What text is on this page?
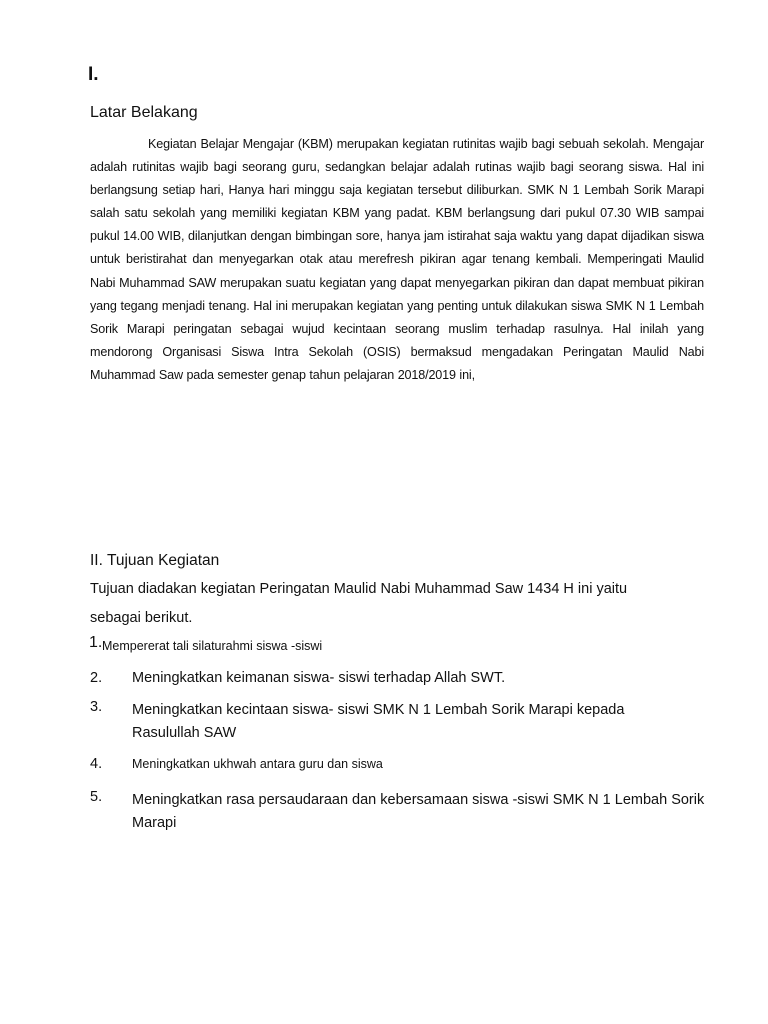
I.
Latar Belakang

Kegiatan Belajar Mengajar (KBM) merupakan kegiatan rutinitas wajib bagi sebuah sekolah. Mengajar adalah rutinitas wajib bagi seorang guru, sedangkan belajar adalah rutinas wajib bagi seorang siswa. Hal ini berlangsung setiap hari, Hanya hari minggu saja kegiatan tersebut diliburkan. SMK N 1 Lembah Sorik Marapi salah satu sekolah yang memiliki kegiatan KBM yang padat. KBM berlangsung dari pukul 07.30 WIB sampai pukul 14.00 WIB, dilanjutkan dengan bimbingan sore, hanya jam istirahat saja waktu yang dapat dijadikan siswa untuk beristirahat dan menyegarkan otak atau merefresh pikiran agar tenang kembali. Memperingati Maulid Nabi Muhammad SAW merupakan suatu kegiatan yang dapat menyegarkan pikiran dan dapat membuat pikiran yang tegang menjadi tenang. Hal ini merupakan kegiatan yang penting untuk dilakukan siswa SMK N 1 Lembah Sorik Marapi peringatan sebagai wujud kecintaan seorang muslim terhadap rasulnya. Hal inilah yang mendorong Organisasi Siswa Intra Sekolah (OSIS) bermaksud mengadakan Peringatan Maulid Nabi Muhammad Saw pada semester genap tahun pelajaran 2018/2019 ini,

II. Tujuan Kegiatan
Tujuan diadakan kegiatan Peringatan Maulid Nabi Muhammad Saw 1434 H ini yaitu
sebagai berikut.
1. Mempererat tali silaturahmi siswa -siswi
2. Meningkatkan keimanan siswa- siswi terhadap Allah SWT.
3. Meningkatkan kecintaan siswa- siswi SMK N 1 Lembah Sorik Marapi kepada Rasulullah SAW
4. Meningkatkan ukhwah antara guru dan siswa
5. Meningkatkan rasa persaudaraan dan kebersamaan siswa -siswi SMK N 1 Lembah Sorik Marapi
